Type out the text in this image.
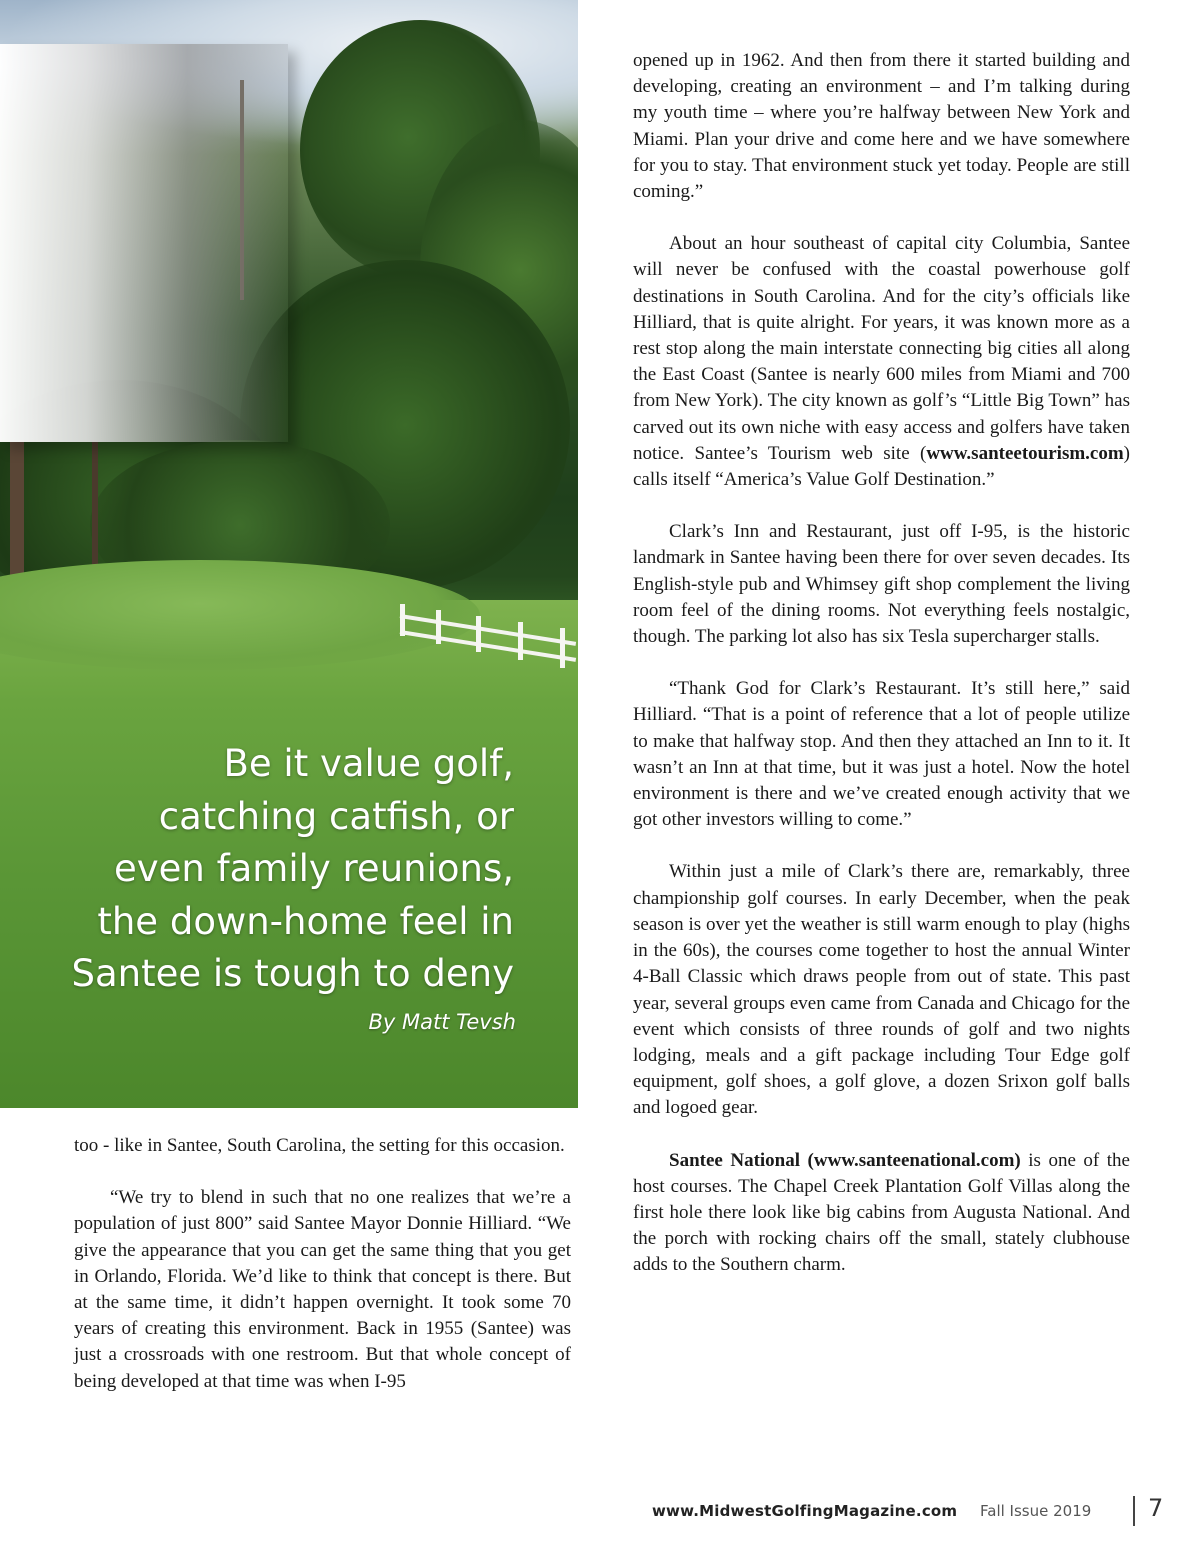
Be it value golf,
catching catfish, or
even family reunions,
the down-home feel in
Santee is tough to deny
By Matt Tevsh

too - like in Santee, South Carolina, the setting for this occasion.

“We try to blend in such that no one realizes that we’re a population of just 800” said Santee Mayor Donnie Hilliard. “We give the appearance that you can get the same thing that you get in Orlando, Florida. We’d like to think that concept is there. But at the same time, it didn’t happen overnight. It took some 70 years of creating this environment. Back in 1955 (Santee) was just a crossroads with one restroom. But that whole concept of being developed at that time was when I-95

opened up in 1962. And then from there it started building and developing, creating an environment – and I’m talking during my youth time – where you’re halfway between New York and Miami. Plan your drive and come here and we have somewhere for you to stay. That environment stuck yet today. People are still coming.”

About an hour southeast of capital city Columbia, Santee will never be confused with the coastal powerhouse golf destinations in South Carolina. And for the city’s officials like Hilliard, that is quite alright. For years, it was known more as a rest stop along the main interstate connecting big cities all along the East Coast (Santee is nearly 600 miles from Miami and 700 from New York). The city known as golf’s “Little Big Town” has carved out its own niche with easy access and golfers have taken notice. Santee’s Tourism web site (www.santeetourism.com) calls itself “America’s Value Golf Destination.”

Clark’s Inn and Restaurant, just off I-95, is the historic landmark in Santee having been there for over seven decades. Its English-style pub and Whimsey gift shop complement the living room feel of the dining rooms. Not everything feels nostalgic, though. The parking lot also has six Tesla supercharger stalls.

“Thank God for Clark’s Restaurant. It’s still here,” said Hilliard. “That is a point of reference that a lot of people utilize to make that halfway stop. And then they attached an Inn to it. It wasn’t an Inn at that time, but it was just a hotel. Now the hotel environment is there and we’ve created enough activity that we got other investors willing to come.”

Within just a mile of Clark’s there are, remarkably, three championship golf courses. In early December, when the peak season is over yet the weather is still warm enough to play (highs in the 60s), the courses come together to host the annual Winter 4-Ball Classic which draws people from out of state. This past year, several groups even came from Canada and Chicago for the event which consists of three rounds of golf and two nights lodging, meals and a gift package including Tour Edge golf equipment, golf shoes, a golf glove, a dozen Srixon golf balls and logoed gear.

Santee National (www.santeenational.com) is one of the host courses. The Chapel Creek Plantation Golf Villas along the first hole there look like big cabins from Augusta National. And the porch with rocking chairs off the small, stately clubhouse adds to the Southern charm.

www.MidwestGolfingMagazine.com Fall Issue 2019 7
